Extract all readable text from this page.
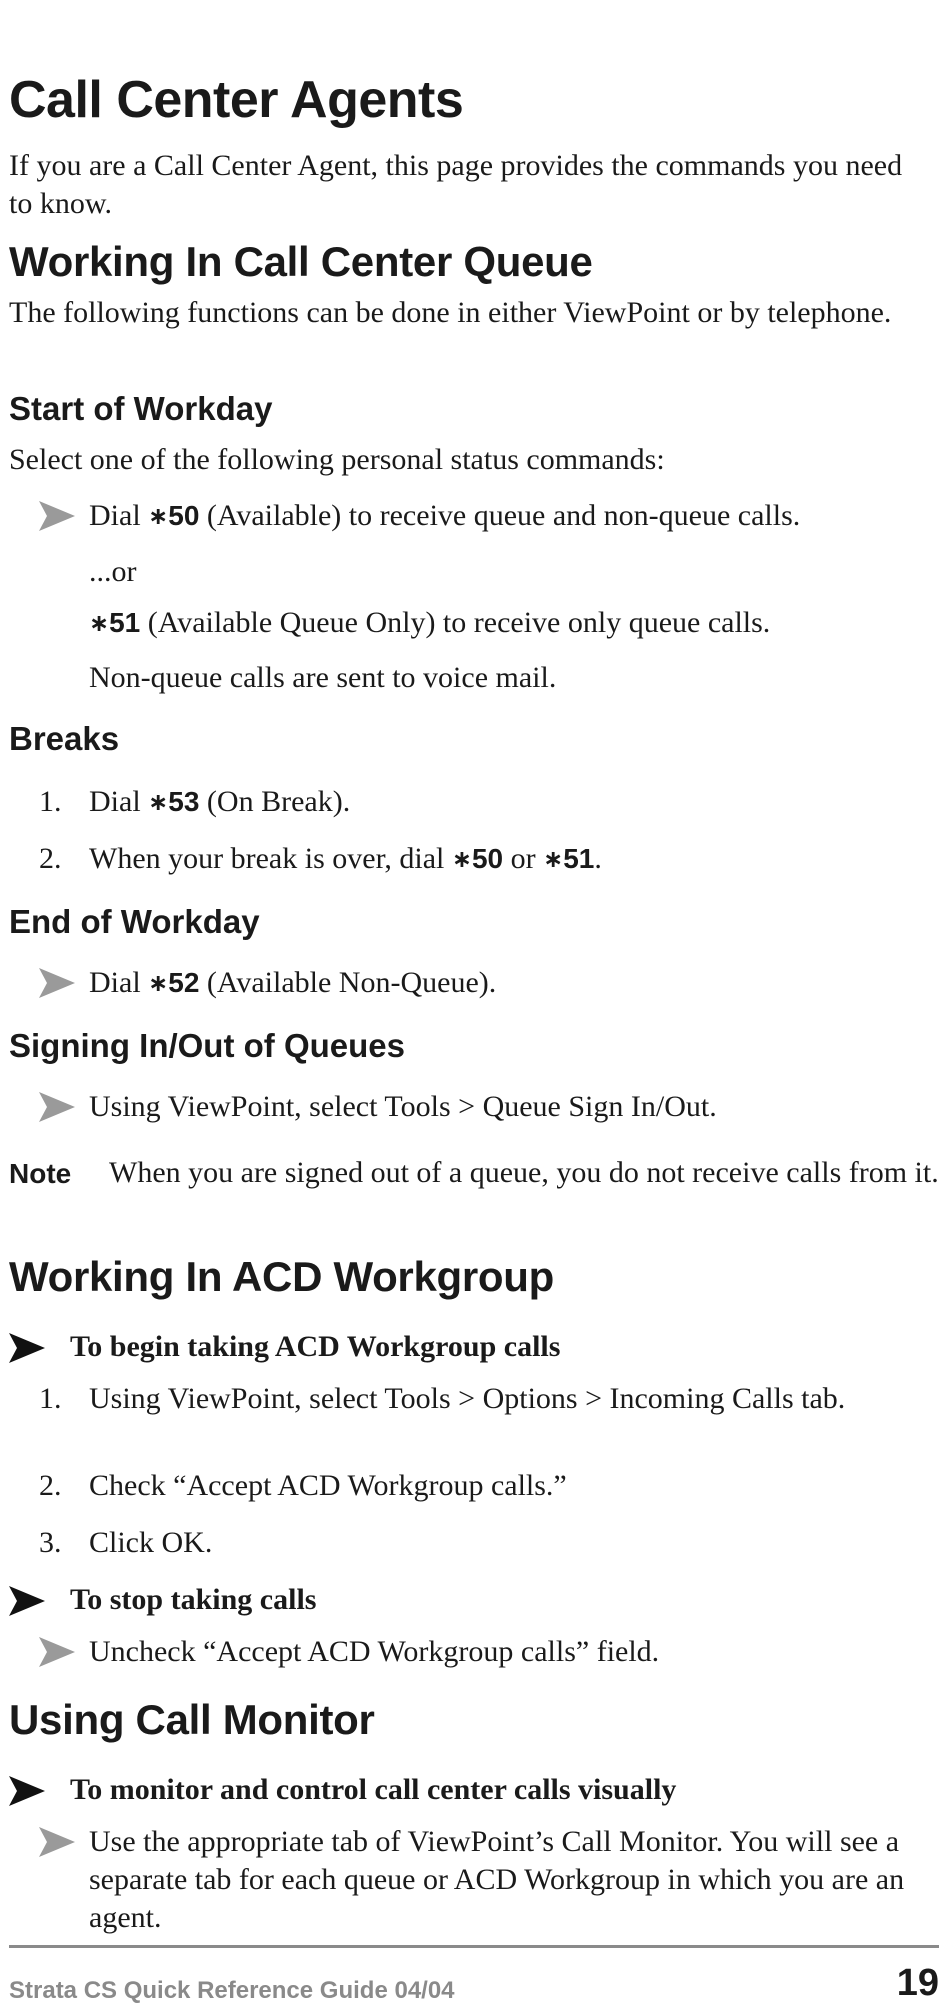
Call Center Agents

If you are a Call Center Agent, this page provides the commands you need to know.

Working In Call Center Queue

The following functions can be done in either ViewPoint or by telephone.

Start of Workday
Select one of the following personal status commands:
Dial ∗50 (Available) to receive queue and non-queue calls.
...or
∗51 (Available Queue Only) to receive only queue calls.
Non-queue calls are sent to voice mail.
Breaks
1. Dial ∗53 (On Break).
2. When your break is over, dial ∗50 or ∗51.
End of Workday
Dial ∗52 (Available Non-Queue).
Signing In/Out of Queues
Using ViewPoint, select Tools > Queue Sign In/Out.
Note When you are signed out of a queue, you do not receive calls from it.
Working In ACD Workgroup
To begin taking ACD Workgroup calls
1. Using ViewPoint, select Tools > Options > Incoming Calls tab.
2. Check “Accept ACD Workgroup calls.”
3. Click OK.
To stop taking calls
Uncheck “Accept ACD Workgroup calls” field.
Using Call Monitor
To monitor and control call center calls visually
Use the appropriate tab of ViewPoint’s Call Monitor. You will see a separate tab for each queue or ACD Workgroup in which you are an agent.
Strata CS Quick Reference Guide 04/04	19
